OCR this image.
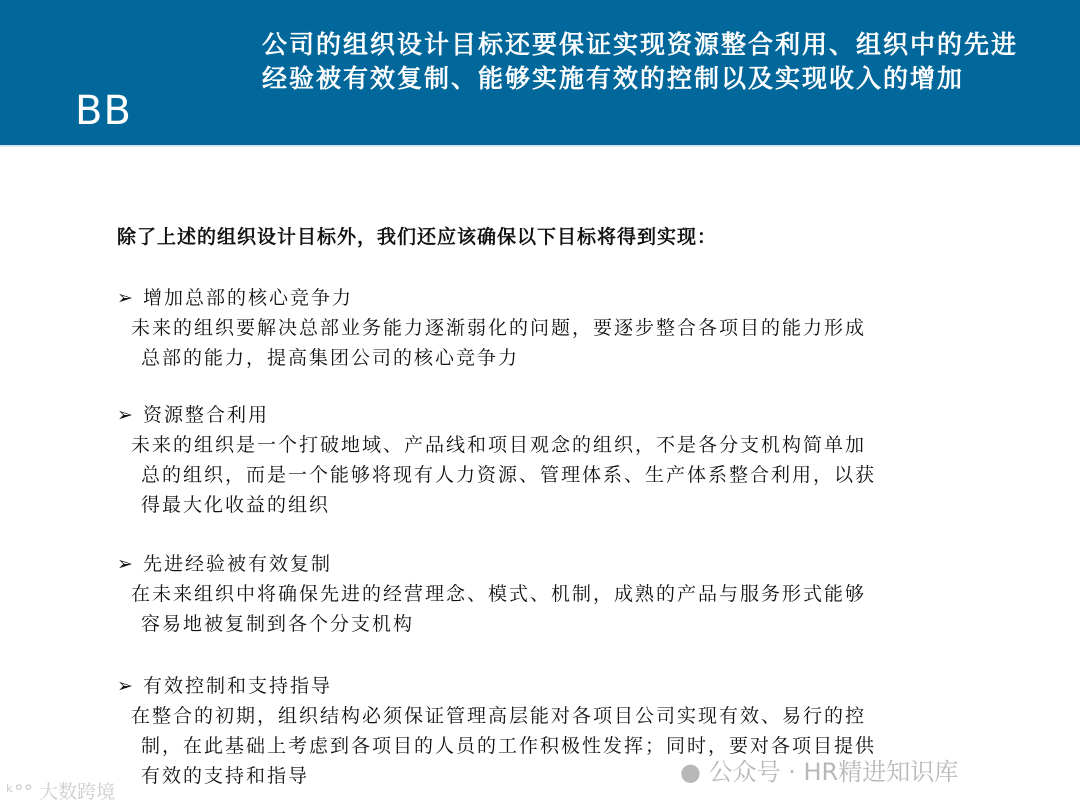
BB
公司的组织设计目标还要保证实现资源整合利用、组织中的先进经验被有效复制、能够实施有效的控制以及实现收入的增加
除了上述的组织设计目标外，我们还应该确保以下目标将得到实现：
➢ 增加总部的核心竞争力
未来的组织要解决总部业务能力逐渐弱化的问题，要逐步整合各项目的能力形成
总部的能力，提高集团公司的核心竞争力
➢ 资源整合利用
未来的组织是一个打破地域、产品线和项目观念的组织，不是各分支机构简单加
总的组织，而是一个能够将现有人力资源、管理体系、生产体系整合利用，以获
得最大化收益的组织
➢ 先进经验被有效复制
在未来组织中将确保先进的经营理念、模式、机制，成熟的产品与服务形式能够
容易地被复制到各个分支机构
➢ 有效控制和支持指导
在整合的初期，组织结构必须保证管理高层能对各项目公司实现有效、易行的控
制，在此基础上考虑到各项目的人员的工作积极性发挥；同时，要对各项目提供
有效的支持和指导	● 公众号 · HR精进知识库
ᵏ°° 大数跨境
